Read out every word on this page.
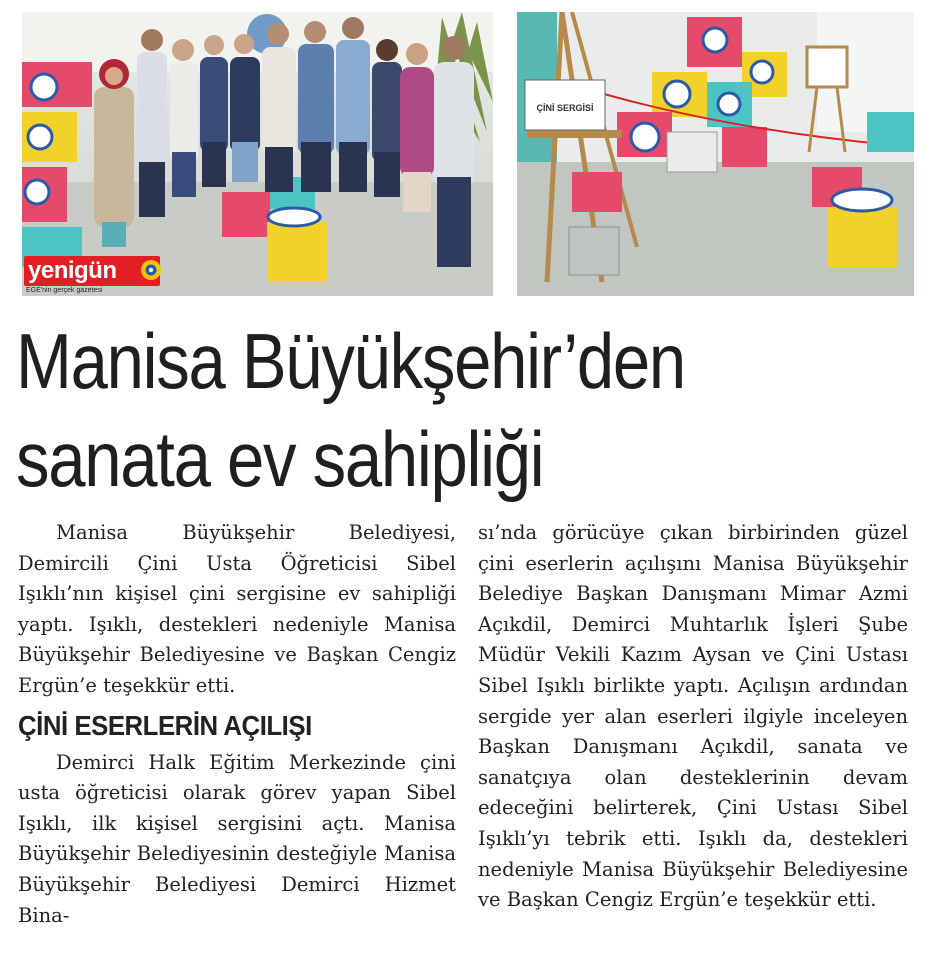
yenigün
EGE'nin gerçek gazetesi
ÇİNİ SERGİSİ
Manisa Büyükşehir’den
sanata ev sahipliği

Manisa Büyükşehir Belediyesi, Demircili Çini Usta Öğreticisi Sibel Işıklı’nın kişisel çini sergisine ev sahipliği yaptı. Işıklı, destekleri nedeniyle Manisa Büyükşehir Belediyesine ve Başkan Cengiz Ergün’e teşekkür etti.

ÇİNİ ESERLERİN AÇILIŞI

Demirci Halk Eğitim Merkezinde çini usta öğreticisi olarak görev yapan Sibel Işıklı, ilk kişisel sergisini açtı. Manisa Büyükşehir Belediyesinin desteğiyle Manisa Büyükşehir Belediyesi Demirci Hizmet Bina-

sı’nda görücüye çıkan birbirinden güzel çini eserlerin açılışını Manisa Büyükşehir Belediye Başkan Danışmanı Mimar Azmi Açıkdil, Demirci Muhtarlık İşleri Şube Müdür Vekili Kazım Aysan ve Çini Ustası Sibel Işıklı birlikte yaptı. Açılışın ardından sergide yer alan eserleri ilgiyle inceleyen Başkan Danışmanı Açıkdil, sanata ve sanatçıya olan desteklerinin devam edeceğini belirterek, Çini Ustası Sibel Işıklı’yı tebrik etti. Işıklı da, destekleri nedeniyle Manisa Büyükşehir Belediyesine ve Başkan Cengiz Ergün’e teşekkür etti.
